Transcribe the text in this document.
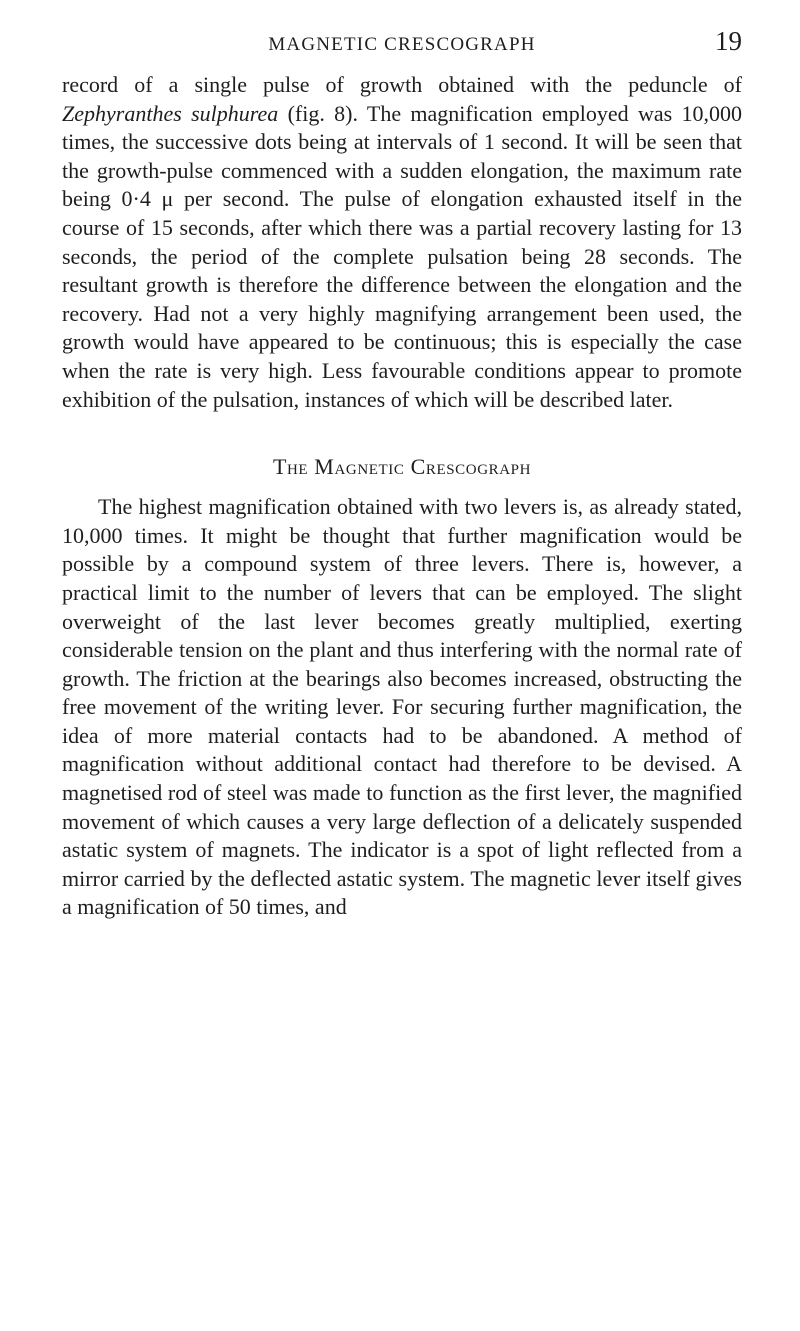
MAGNETIC CRESCOGRAPH	19

record of a single pulse of growth obtained with the peduncle of Zephyranthes sulphurea (fig. 8). The magnification employed was 10,000 times, the successive dots being at intervals of 1 second. It will be seen that the growth-pulse commenced with a sudden elongation, the maximum rate being 0·4 μ per second. The pulse of elongation exhausted itself in the course of 15 seconds, after which there was a partial recovery lasting for 13 seconds, the period of the complete pulsation being 28 seconds. The resultant growth is therefore the difference between the elongation and the recovery. Had not a very highly magnifying arrangement been used, the growth would have appeared to be continuous; this is especially the case when the rate is very high. Less favourable conditions appear to promote exhibition of the pulsation, instances of which will be described later.

The Magnetic Crescograph

The highest magnification obtained with two levers is, as already stated, 10,000 times. It might be thought that further magnification would be possible by a compound system of three levers. There is, however, a practical limit to the number of levers that can be employed. The slight overweight of the last lever becomes greatly multiplied, exerting considerable tension on the plant and thus interfering with the normal rate of growth. The friction at the bearings also becomes increased, obstructing the free movement of the writing lever. For securing further magnification, the idea of more material contacts had to be abandoned. A method of magnification without additional contact had therefore to be devised. A magnetised rod of steel was made to function as the first lever, the magnified movement of which causes a very large deflection of a delicately suspended astatic system of magnets. The indicator is a spot of light reflected from a mirror carried by the deflected astatic system. The magnetic lever itself gives a magnification of 50 times, and
